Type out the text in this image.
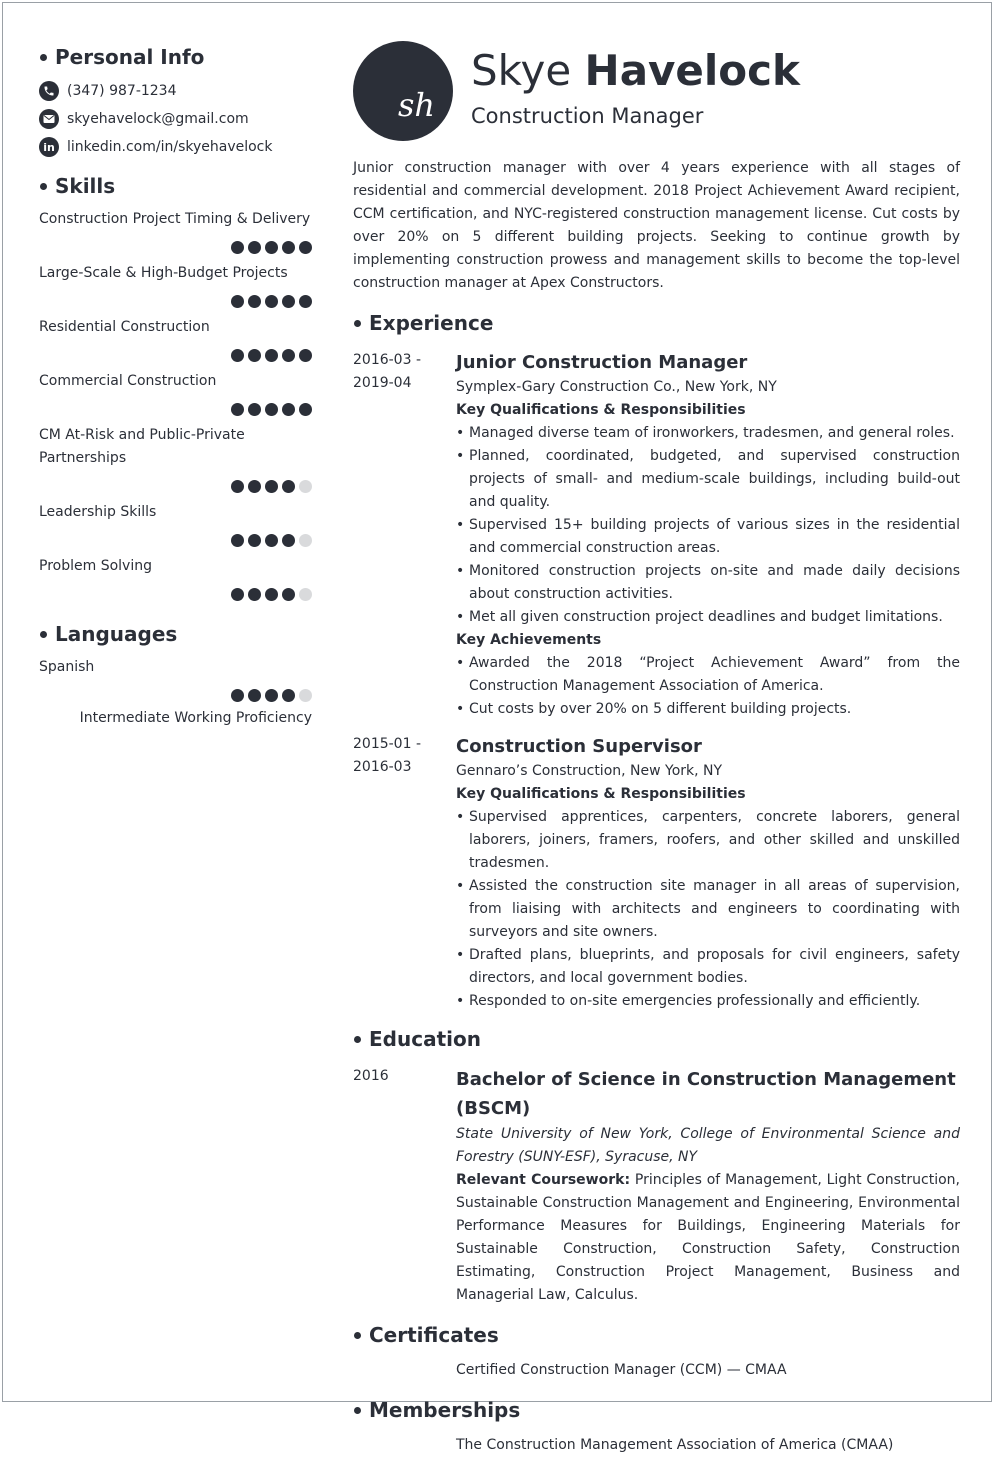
Personal Info
(347) 987-1234
skyehavelock@gmail.com
in linkedin.com/in/skyehavelock
Skills
Construction Project Timing & Delivery
Large-Scale & High-Budget Projects
Residential Construction
Commercial Construction
CM At-Risk and Public-Private Partnerships
Leadership Skills
Problem Solving
Languages
Spanish
Intermediate Working Proficiency
sh
Skye Havelock
Construction Manager
Junior construction manager with over 4 years experience with all stages of residential and commercial development. 2018 Project Achievement Award recipient, CCM certification, and NYC-registered construction management license. Cut costs by over 20% on 5 different building projects. Seeking to continue growth by implementing construction prowess and management skills to become the top-level construction manager at Apex Constructors.
Experience
2016-03 -
2019-04
Junior Construction Manager
Symplex-Gary Construction Co., New York, NY
Key Qualifications & Responsibilities
• Managed diverse team of ironworkers, tradesmen, and general roles.
• Planned, coordinated, budgeted, and supervised construction projects of small- and medium-scale buildings, including build-out and quality.
• Supervised 15+ building projects of various sizes in the residential and commercial construction areas.
• Monitored construction projects on-site and made daily decisions about construction activities.
• Met all given construction project deadlines and budget limitations.
Key Achievements
• Awarded the 2018 “Project Achievement Award” from the Construction Management Association of America.
• Cut costs by over 20% on 5 different building projects.
2015-01 -
2016-03
Construction Supervisor
Gennaro’s Construction, New York, NY
Key Qualifications & Responsibilities
• Supervised apprentices, carpenters, concrete laborers, general laborers, joiners, framers, roofers, and other skilled and unskilled tradesmen.
• Assisted the construction site manager in all areas of supervision, from liaising with architects and engineers to coordinating with surveyors and site owners.
• Drafted plans, blueprints, and proposals for civil engineers, safety directors, and local government bodies.
• Responded to on-site emergencies professionally and efficiently.
Education
2016	Bachelor of Science in Construction Management (BSCM)
State University of New York, College of Environmental Science and Forestry (SUNY-ESF), Syracuse, NY
Relevant Coursework: Principles of Management, Light Construction, Sustainable Construction Management and Engineering, Environmental Performance Measures for Buildings, Engineering Materials for Sustainable Construction, Construction Safety, Construction Estimating, Construction Project Management, Business and Managerial Law, Calculus.
Certificates
Certified Construction Manager (CCM) — CMAA
Memberships
The Construction Management Association of America (CMAA)
